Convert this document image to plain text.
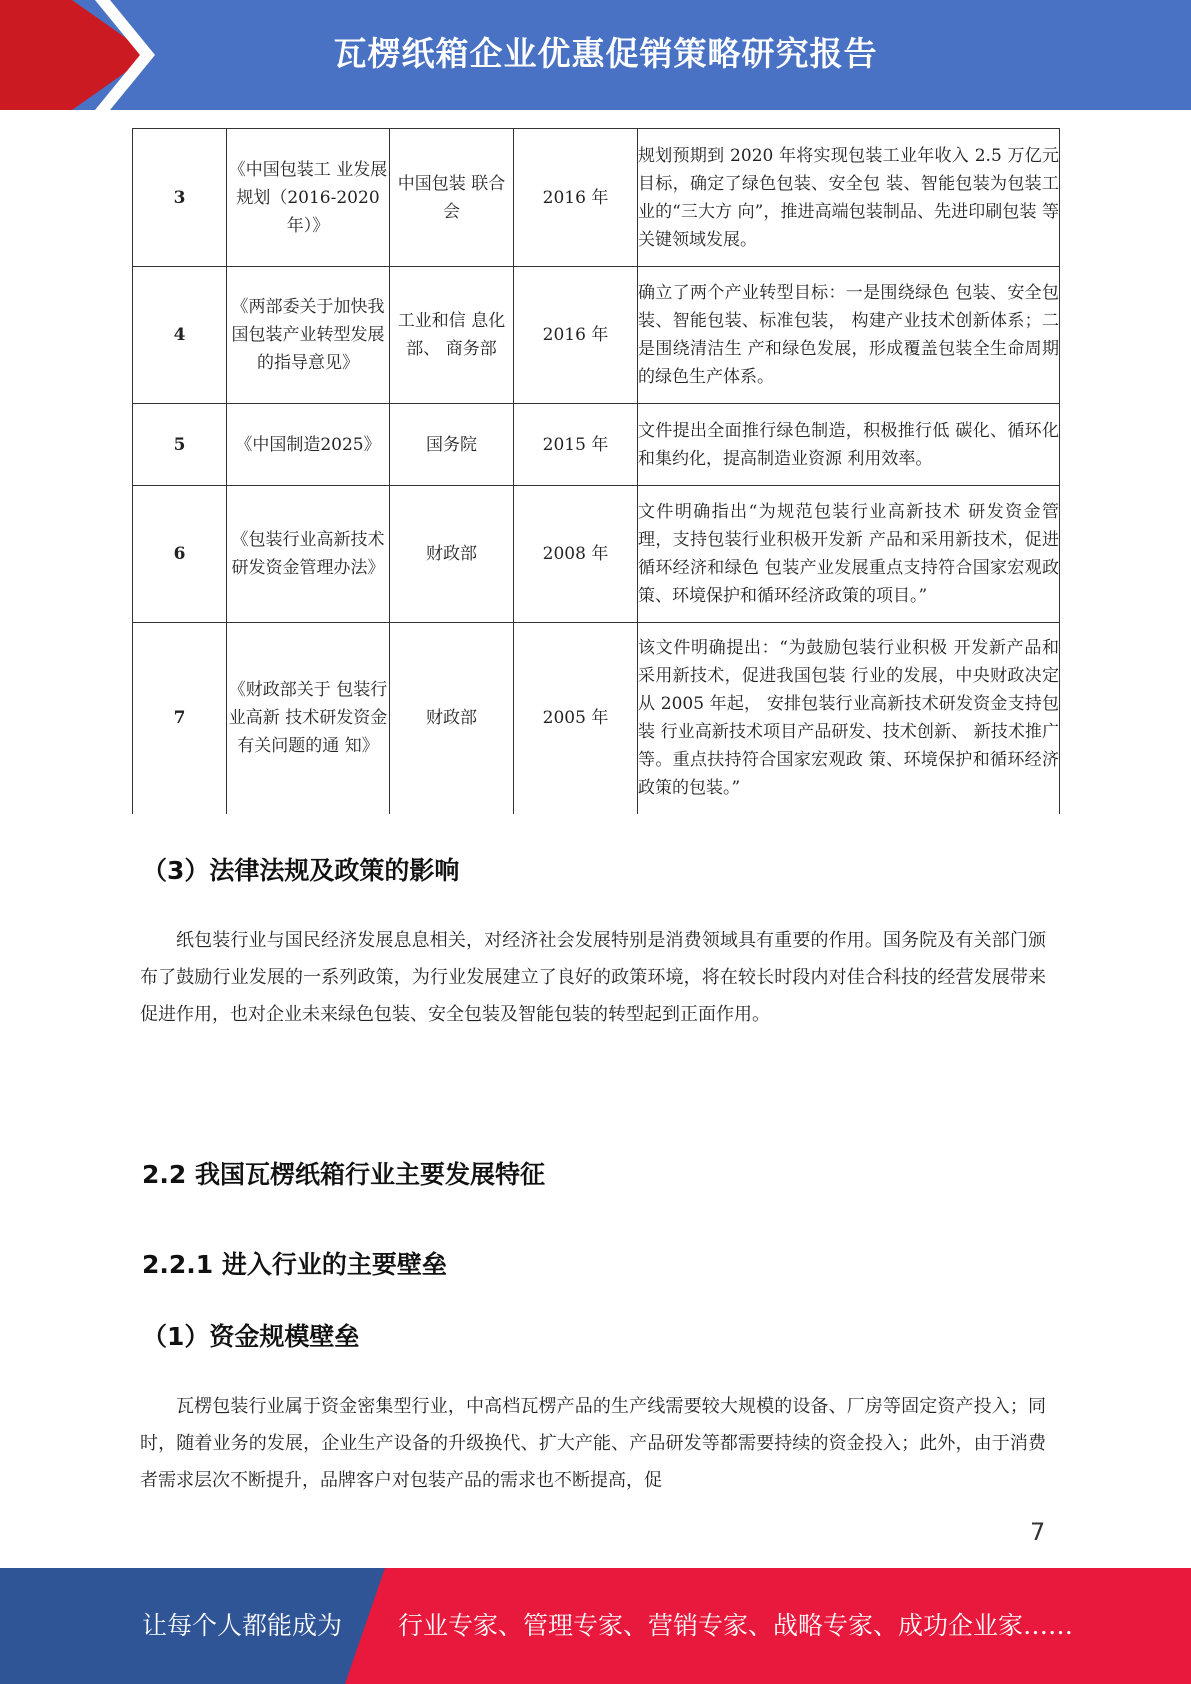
瓦楞纸箱企业优惠促销策略研究报告
3	《中国包装工 业发展规划（2016-2020年）》	中国包装 联合会	2016 年	规划预期到 2020 年将实现包装工业年收入 2.5 万亿元目标，确定了绿色包装、安全包 装、智能包装为包装工业的“三大方 向”，推进高端包装制品、先进印刷包装 等关键领域发展。
4	《两部委关于加快我国包装产业转型发展的指导意见》	工业和信 息化部、 商务部	2016 年	确立了两个产业转型目标：一是围绕绿色 包装、安全包装、智能包装、标准包装， 构建产业技术创新体系；二是围绕清洁生 产和绿色发展，形成覆盖包装全生命周期 的绿色生产体系。
5	《中国制造2025》	国务院	2015 年	文件提出全面推行绿色制造，积极推行低 碳化、循环化和集约化，提高制造业资源 利用效率。
6	《包装行业高新技术研发资金管理办法》	财政部	2008 年	文件明确指出“为规范包装行业高新技术 研发资金管理，支持包装行业积极开发新 产品和采用新技术，促进循环经济和绿色 包装产业发展重点支持符合国家宏观政 策、环境保护和循环经济政策的项目。”
7	《财政部关于 包装行业高新 技术研发资金 有关问题的通 知》	财政部	2005 年	该文件明确提出：“为鼓励包装行业积极 开发新产品和采用新技术，促进我国包装 行业的发展，中央财政决定从 2005 年起， 安排包装行业高新技术研发资金支持包装 行业高新技术项目产品研发、技术创新、 新技术推广等。重点扶持符合国家宏观政 策、环境保护和循环经济政策的包装。”
（3）法律法规及政策的影响
纸包装行业与国民经济发展息息相关，对经济社会发展特别是消费领域具有重要的作用。国务院及有关部门颁布了鼓励行业发展的一系列政策，为行业发展建立了良好的政策环境，将在较长时段内对佳合科技的经营发展带来促进作用，也对企业未来绿色包装、安全包装及智能包装的转型起到正面作用。
2.2 我国瓦楞纸箱行业主要发展特征
2.2.1 进入行业的主要壁垒
（1）资金规模壁垒
瓦楞包装行业属于资金密集型行业，中高档瓦楞产品的生产线需要较大规模的设备、厂房等固定资产投入；同时，随着业务的发展，企业生产设备的升级换代、扩大产能、产品研发等都需要持续的资金投入；此外，由于消费者需求层次不断提升，品牌客户对包装产品的需求也不断提高，促
7
让每个人都能成为 行业专家、管理专家、营销专家、战略专家、成功企业家……
